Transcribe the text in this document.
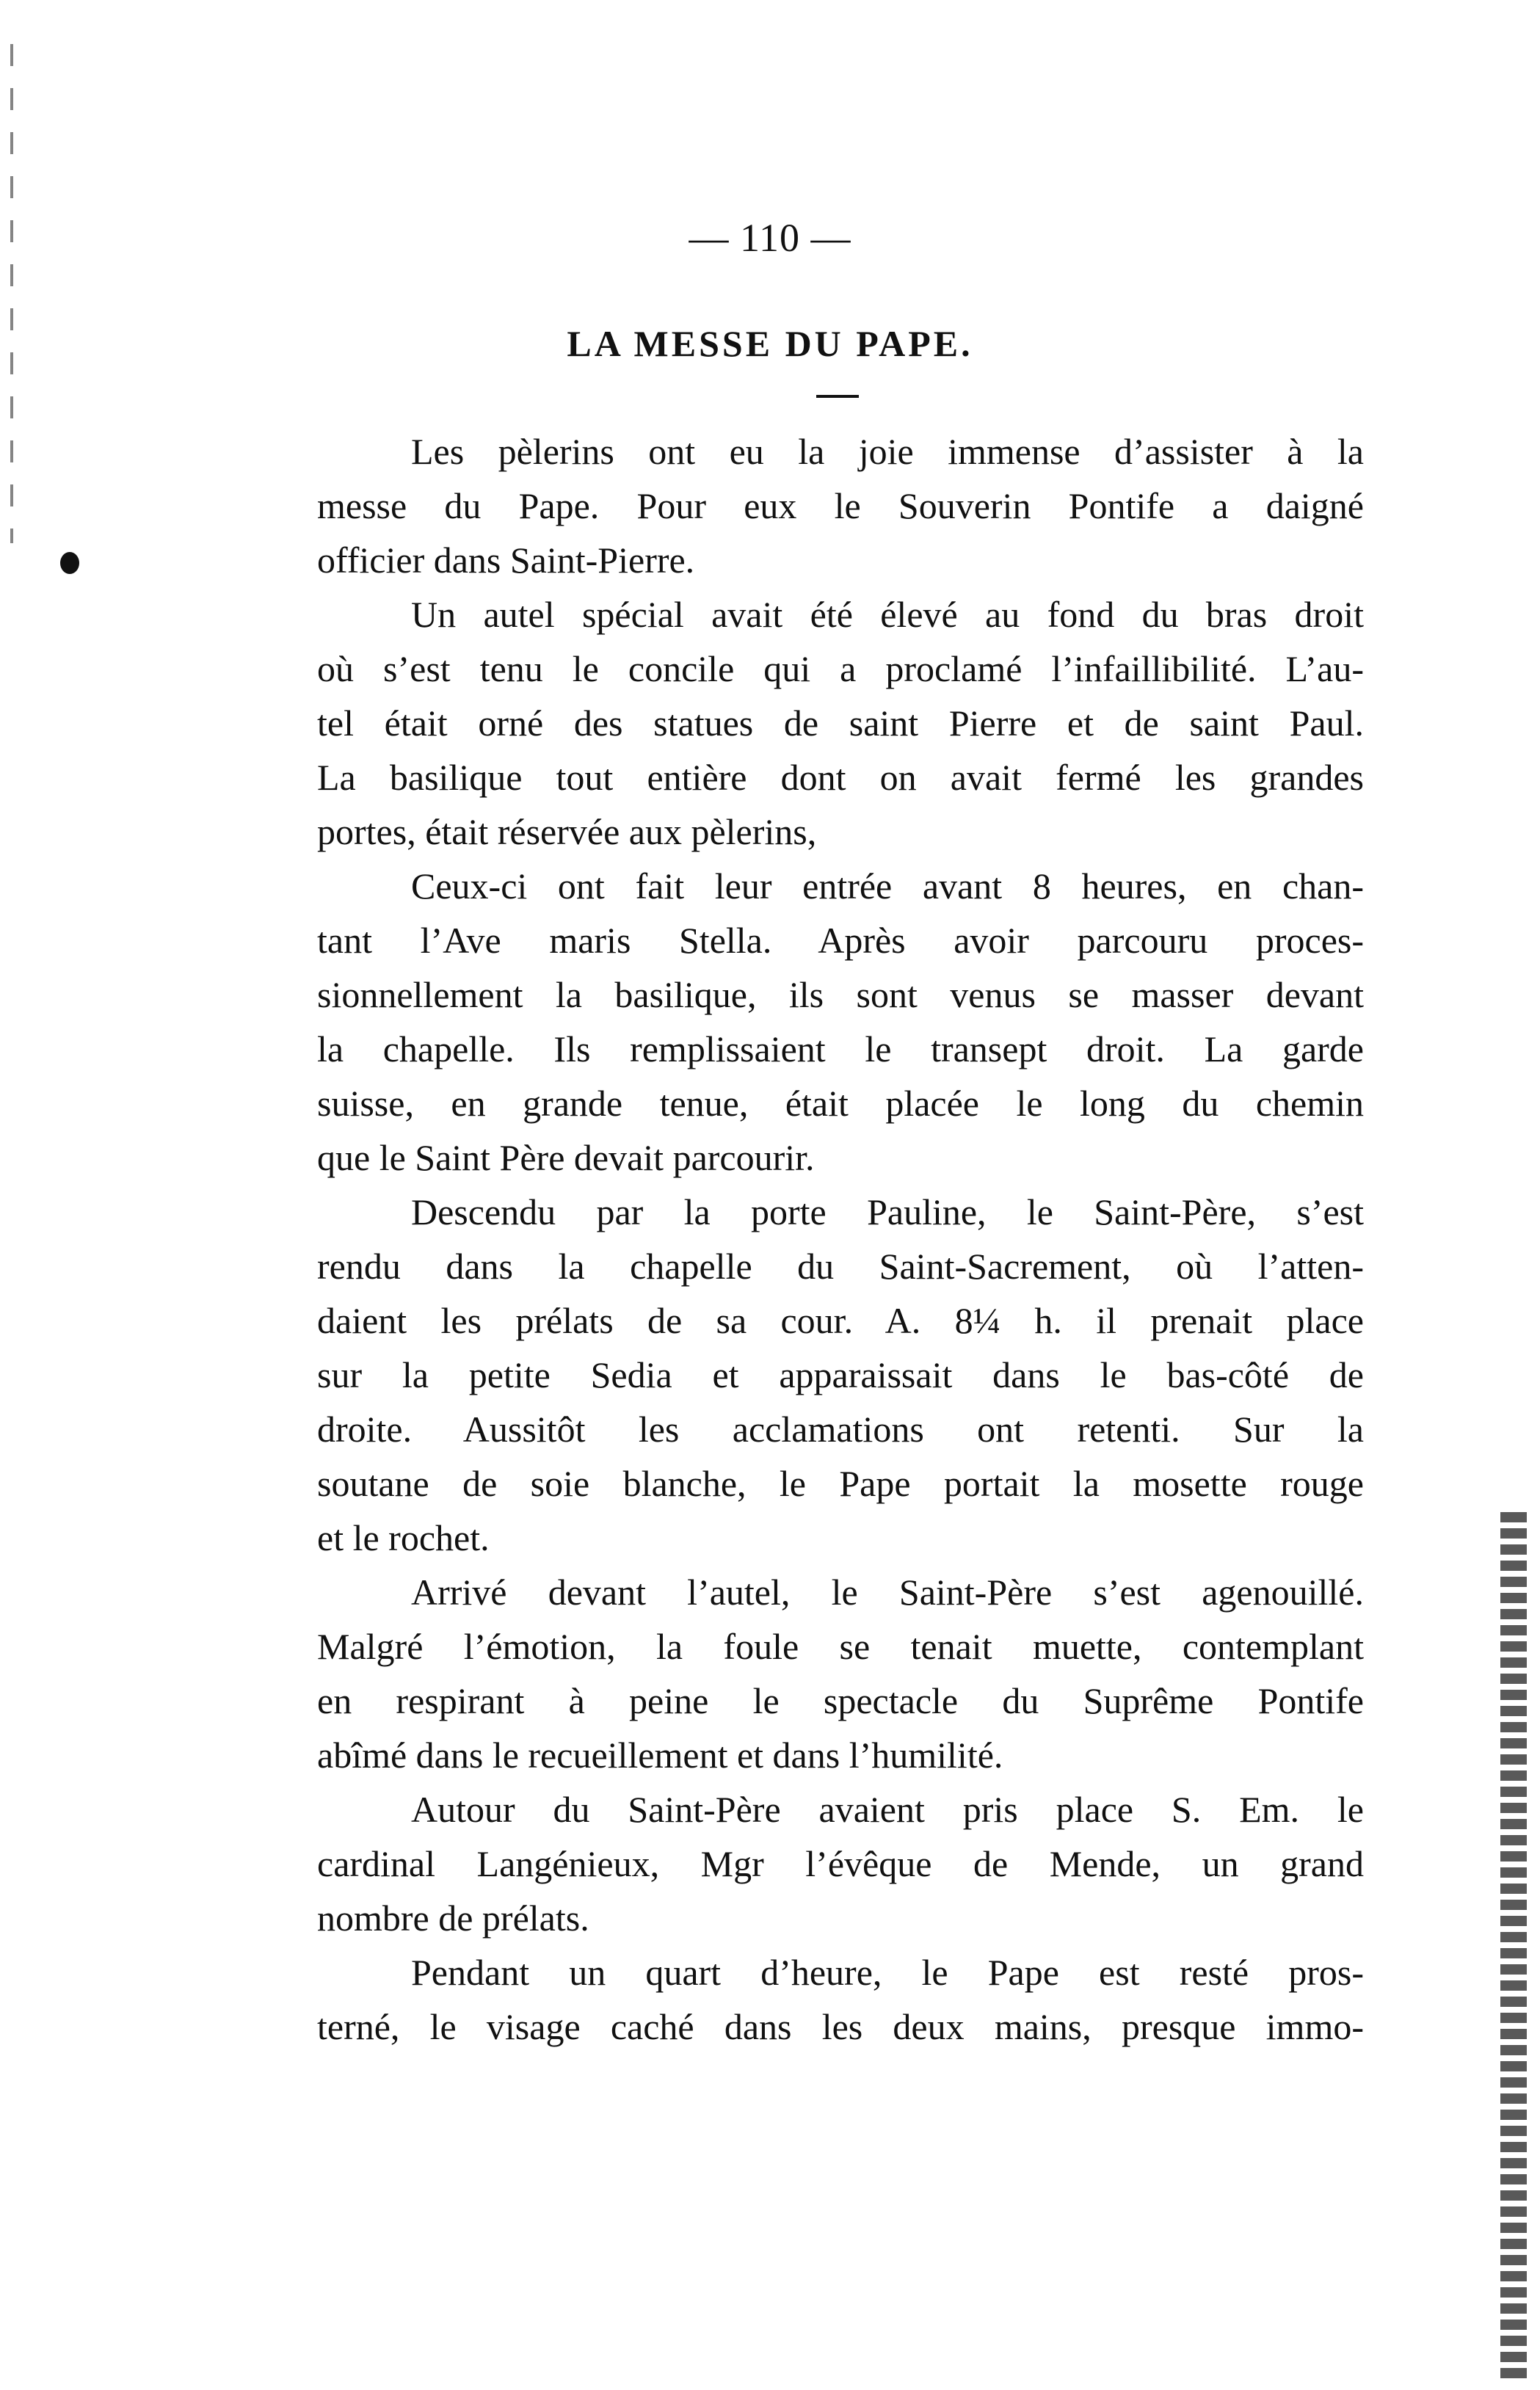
— 110 —
LA MESSE DU PAPE.
Les pèlerins ont eu la joie immense d’assister à la
messe du Pape. Pour eux le Souverin Pontife a daigné
officier dans Saint-Pierre.
Un autel spécial avait été élevé au fond du bras droit
où s’est tenu le concile qui a proclamé l’infaillibilité. L’au-
tel était orné des statues de saint Pierre et de saint Paul.
La basilique tout entière dont on avait fermé les grandes
portes, était réservée aux pèlerins,
Ceux-ci ont fait leur entrée avant 8 heures, en chan-
tant l’Ave maris Stella. Après avoir parcouru proces-
sionnellement la basilique, ils sont venus se masser devant
la chapelle. Ils remplissaient le transept droit. La garde
suisse, en grande tenue, était placée le long du chemin
que le Saint Père devait parcourir.
Descendu par la porte Pauline, le Saint-Père, s’est
rendu dans la chapelle du Saint-Sacrement, où l’atten-
daient les prélats de sa cour. A. 8¼ h. il prenait place
sur la petite Sedia et apparaissait dans le bas-côté de
droite. Aussitôt les acclamations ont retenti. Sur la
soutane de soie blanche, le Pape portait la mosette rouge
et le rochet.
Arrivé devant l’autel, le Saint-Père s’est agenouillé.
Malgré l’émotion, la foule se tenait muette, contemplant
en respirant à peine le spectacle du Suprême Pontife
abîmé dans le recueillement et dans l’humilité.
Autour du Saint-Père avaient pris place S. Em. le
cardinal Langénieux, Mgr l’évêque de Mende, un grand
nombre de prélats.
Pendant un quart d’heure, le Pape est resté pros-
terné, le visage caché dans les deux mains, presque immo-
